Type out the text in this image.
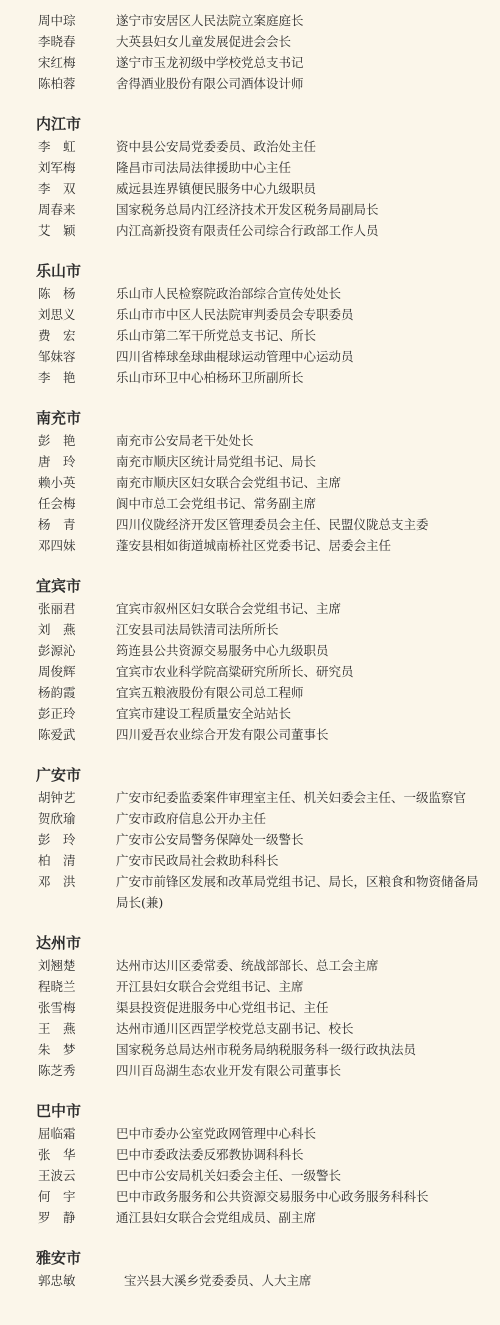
周中琮	遂宁市安居区人民法院立案庭庭长
李晓春	大英县妇女儿童发展促进会会长
宋红梅	遂宁市玉龙初级中学校党总支书记
陈柏蓉	舍得酒业股份有限公司酒体设计师
内江市
李　虹	资中县公安局党委委员、政治处主任
刘军梅	隆昌市司法局法律援助中心主任
李　双	威远县连界镇便民服务中心九级职员
周春来	国家税务总局内江经济技术开发区税务局副局长
艾　颖	内江高新投资有限责任公司综合行政部工作人员
乐山市
陈　杨	乐山市人民检察院政治部综合宣传处处长
刘思义	乐山市市中区人民法院审判委员会专职委员
费　宏	乐山市第二军干所党总支书记、所长
邹妹容	四川省棒球垒球曲棍球运动管理中心运动员
李　艳	乐山市环卫中心柏杨环卫所副所长
南充市
彭　艳	南充市公安局老干处处长
唐　玲	南充市顺庆区统计局党组书记、局长
赖小英	南充市顺庆区妇女联合会党组书记、主席
任会梅	阆中市总工会党组书记、常务副主席
杨　青	四川仪陇经济开发区管理委员会主任、民盟仪陇总支主委
邓四妹	蓬安县相如街道城南桥社区党委书记、居委会主任
宜宾市
张丽君	宜宾市叙州区妇女联合会党组书记、主席
刘　燕	江安县司法局铁清司法所所长
彭源沁	筠连县公共资源交易服务中心九级职员
周俊辉	宜宾市农业科学院高粱研究所所长、研究员
杨韵霞	宜宾五粮液股份有限公司总工程师
彭正玲	宜宾市建设工程质量安全站站长
陈爱武	四川爱吾农业综合开发有限公司董事长
广安市
胡钟艺	广安市纪委监委案件审理室主任、机关妇委会主任、一级监察官
贺欣瑜	广安市政府信息公开办主任
彭　玲	广安市公安局警务保障处一级警长
柏　清	广安市民政局社会救助科科长
邓　洪	广安市前锋区发展和改革局党组书记、局长，区粮食和物资储备局局长(兼)
达州市
刘翘楚	达州市达川区委常委、统战部部长、总工会主席
程晓兰	开江县妇女联合会党组书记、主席
张雪梅	渠县投资促进服务中心党组书记、主任
王　燕	达州市通川区西罡学校党总支副书记、校长
朱　梦	国家税务总局达州市税务局纳税服务科一级行政执法员
陈芝秀	四川百岛湖生态农业开发有限公司董事长
巴中市
屈临霜	巴中市委办公室党政网管理中心科长
张　华	巴中市委政法委反邪教协调科科长
王波云	巴中市公安局机关妇委会主任、一级警长
何　宇	巴中市政务服务和公共资源交易服务中心政务服务科科长
罗　静	通江县妇女联合会党组成员、副主席
雅安市
郭忠敏	宝兴县大溪乡党委委员、人大主席
